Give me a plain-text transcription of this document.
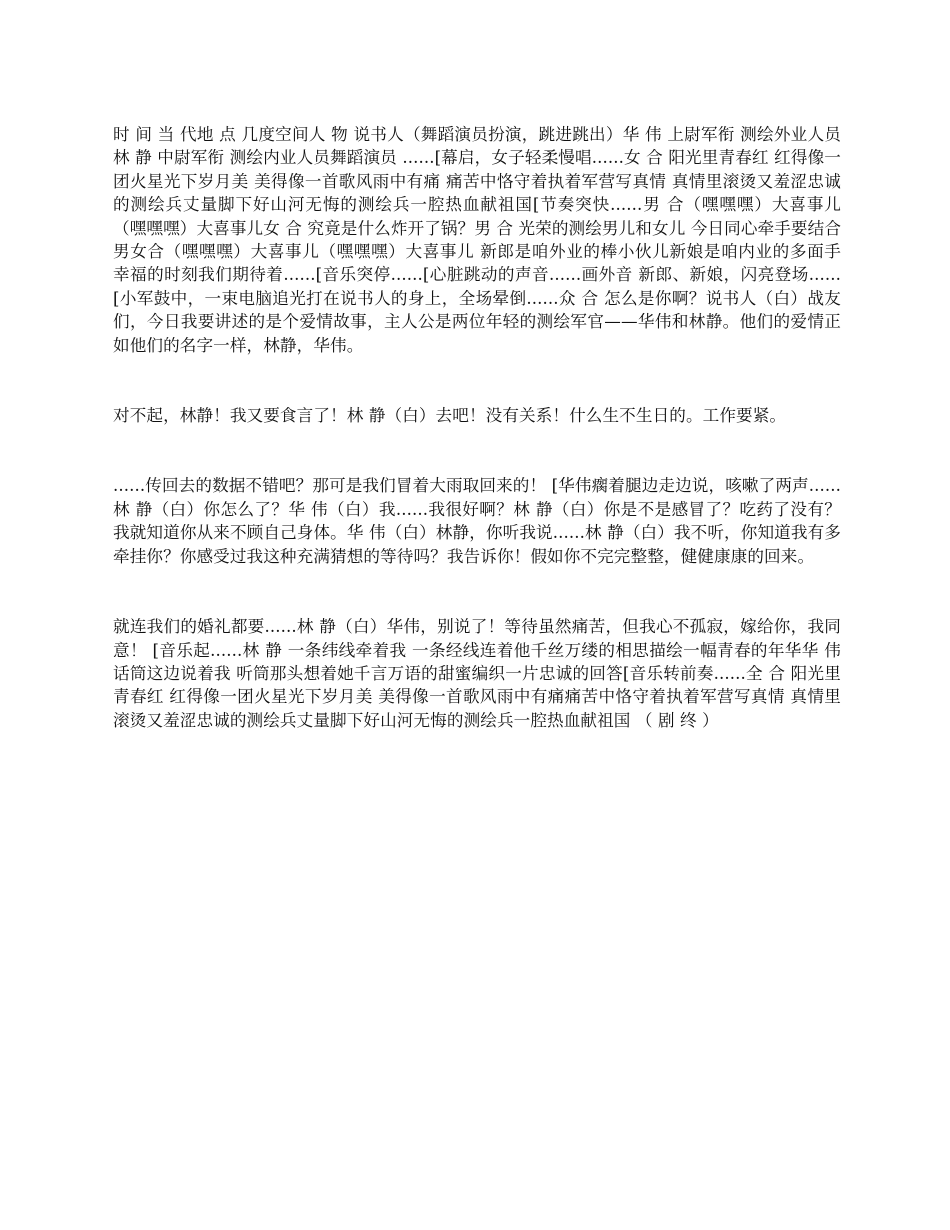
时 间 当 代地 点 几度空间人 物 说书人（舞蹈演员扮演，跳进跳出）华 伟 上尉军衔 测绘外业人员林 静 中尉军衔 测绘内业人员舞蹈演员 ......[幕启，女子轻柔慢唱......女 合 阳光里青春红 红得像一团火星光下岁月美 美得像一首歌风雨中有痛 痛苦中恪守着执着军营写真情 真情里滚烫又羞涩忠诚的测绘兵丈量脚下好山河无悔的测绘兵一腔热血献祖国[节奏突快......男 合（嘿嘿嘿）大喜事儿（嘿嘿嘿）大喜事儿女 合 究竟是什么炸开了锅？男 合 光荣的测绘男儿和女儿 今日同心牵手要结合男女合（嘿嘿嘿）大喜事儿（嘿嘿嘿）大喜事儿 新郎是咱外业的棒小伙儿新娘是咱内业的多面手 幸福的时刻我们期待着......[音乐突停......[心脏跳动的声音......画外音 新郎、新娘，闪亮登场......[小军鼓中，一束电脑追光打在说书人的身上，全场晕倒......众 合 怎么是你啊？说书人（白）战友们，今日我要讲述的是个爱情故事，主人公是两位年轻的测绘军官——华伟和林静。他们的爱情正如他们的名字一样，林静，华伟。

对不起，林静！我又要食言了！林 静（白）去吧！没有关系！什么生不生日的。工作要紧。

......传回去的数据不错吧？那可是我们冒着大雨取回来的！ [华伟瘸着腿边走边说，咳嗽了两声......林 静（白）你怎么了？华 伟（白）我......我很好啊？林 静（白）你是不是感冒了？吃药了没有？我就知道你从来不顾自己身体。华 伟（白）林静，你听我说......林 静（白）我不听，你知道我有多牵挂你？你感受过我这种充满猜想的等待吗？我告诉你！假如你不完完整整，健健康康的回来。

就连我们的婚礼都要......林 静（白）华伟，别说了！等待虽然痛苦，但我心不孤寂，嫁给你，我同意！ [音乐起......林 静 一条纬线牵着我 一条经线连着他千丝万缕的相思描绘一幅青春的年华华 伟 话筒这边说着我 听筒那头想着她千言万语的甜蜜编织一片忠诚的回答[音乐转前奏......全 合 阳光里青春红 红得像一团火星光下岁月美 美得像一首歌风雨中有痛痛苦中恪守着执着军营写真情 真情里滚烫又羞涩忠诚的测绘兵丈量脚下好山河无悔的测绘兵一腔热血献祖国 （ 剧 终 ）
